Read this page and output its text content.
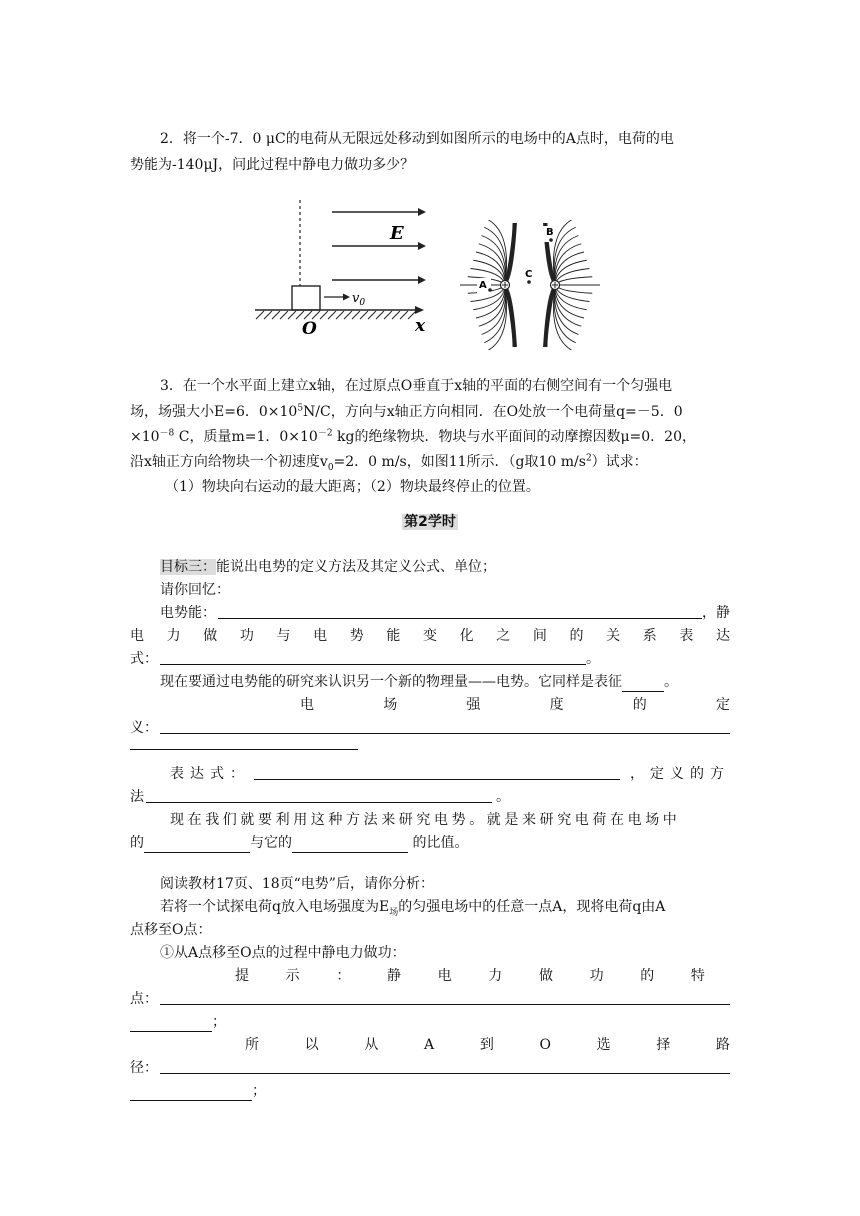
2．将一个-7．0 μC的电荷从无限远处移动到如图所示的电场中的A点时，电荷的电
势能为-140μJ，问此过程中静电力做功多少？
E
$v_0$
O	x
A
B
C
3．在一个水平面上建立x轴，在过原点O垂直于x轴的平面的右侧空间有一个匀强电
场，场强大小E=6．$0\times 10^5N/C$，方向与x轴正方向相同．在O处放一个电荷量q=－5．0
$\times 10^{-8}$ C，质量m=1．$0\times 10^{-2}$ kg的绝缘物块．物块与水平面间的动摩擦因数μ=0．20，
沿x轴正方向给物块一个初速度$v_0=2$．0 m/s，如图11所示．（g取10 $m/s^2$）试求：
（1）物块向右运动的最大距离；（2）物块最终停止的位置。
第2学时
目标三：能说出电势的定义方法及其定义公式、单位；
请你回忆：
电势能：	，静
电 力 做 功 与 电 势 能 变 化 之 间 的 关 系 表 达
式：	。
现在要通过电势能的研究来认识另一个新的物理量——电势。它同样是表征	。
电	场	强	度	的	定
义：
表达式：	，定义的方
法	。
现在我们就要利用这种方法来研究电势。就是来研究电荷在电场中
的	与它的	的比值。
阅读教材17页、18页“电势”后，请你分析：
若将一个试探电荷q放入电场强度为$E_场$的匀强电场中的任意一点A，现将电荷q由A
点移至O点：
①从A点移至O点的过程中静电力做功：
提	示	：	静	电	力	做	功	的	特
点：
；
所	以	从	A	到	O	选	择	路
径：
；
